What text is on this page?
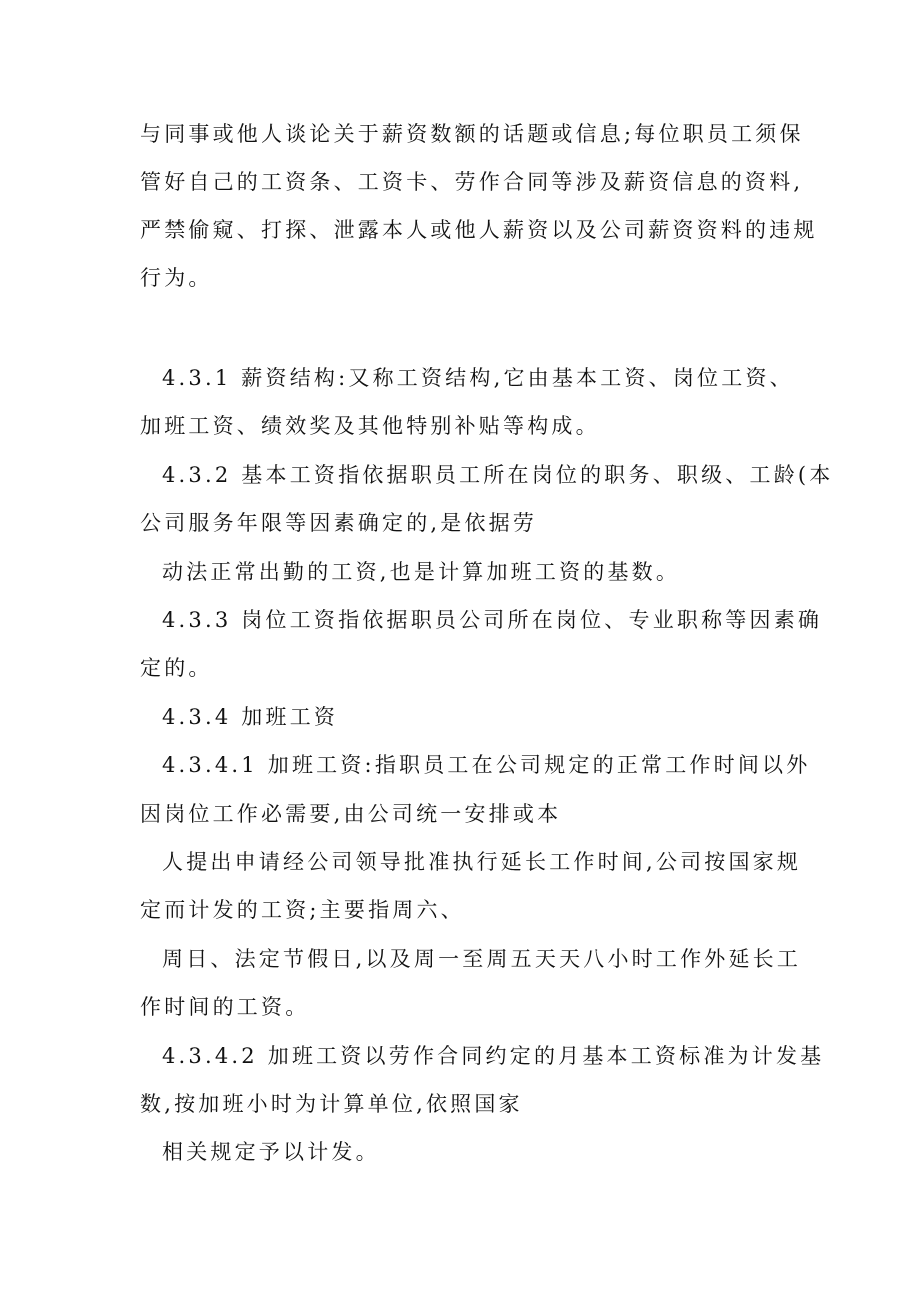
与同事或他人谈论关于薪资数额的话题或信息;每位职员工须保
管好自己的工资条、工资卡、劳作合同等涉及薪资信息的资料,
严禁偷窥、打探、泄露本人或他人薪资以及公司薪资资料的违规
行为。
4.3.1 薪资结构:又称工资结构,它由基本工资、岗位工资、
加班工资、绩效奖及其他特别补贴等构成。
4.3.2 基本工资指依据职员工所在岗位的职务、职级、工龄(本
公司服务年限等因素确定的,是依据劳
动法正常出勤的工资,也是计算加班工资的基数。
4.3.3 岗位工资指依据职员公司所在岗位、专业职称等因素确
定的。
4.3.4 加班工资
4.3.4.1 加班工资:指职员工在公司规定的正常工作时间以外
因岗位工作必需要,由公司统一安排或本
人提出申请经公司领导批准执行延长工作时间,公司按国家规
定而计发的工资;主要指周六、
周日、法定节假日,以及周一至周五天天八小时工作外延长工
作时间的工资。
4.3.4.2 加班工资以劳作合同约定的月基本工资标准为计发基
数,按加班小时为计算单位,依照国家
相关规定予以计发。
